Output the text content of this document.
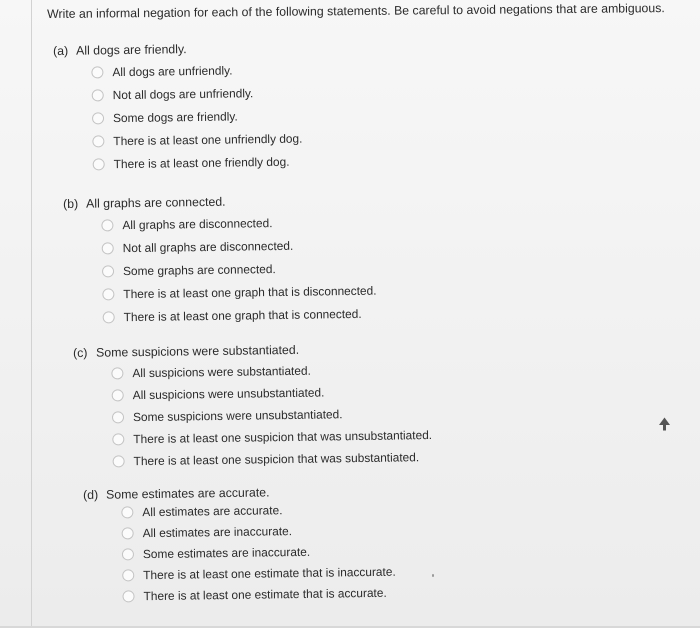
Write an informal negation for each of the following statements. Be careful to avoid negations that are ambiguous.
(a) All dogs are friendly.
All dogs are unfriendly.
Not all dogs are unfriendly.
Some dogs are friendly.
There is at least one unfriendly dog.
There is at least one friendly dog.
(b) All graphs are connected.
All graphs are disconnected.
Not all graphs are disconnected.
Some graphs are connected.
There is at least one graph that is disconnected.
There is at least one graph that is connected.
(c) Some suspicions were substantiated.
All suspicions were substantiated.
All suspicions were unsubstantiated.
Some suspicions were unsubstantiated.
There is at least one suspicion that was unsubstantiated.
There is at least one suspicion that was substantiated.
(d) Some estimates are accurate.
All estimates are accurate.
All estimates are inaccurate.
Some estimates are inaccurate.
There is at least one estimate that is inaccurate.
There is at least one estimate that is accurate.
